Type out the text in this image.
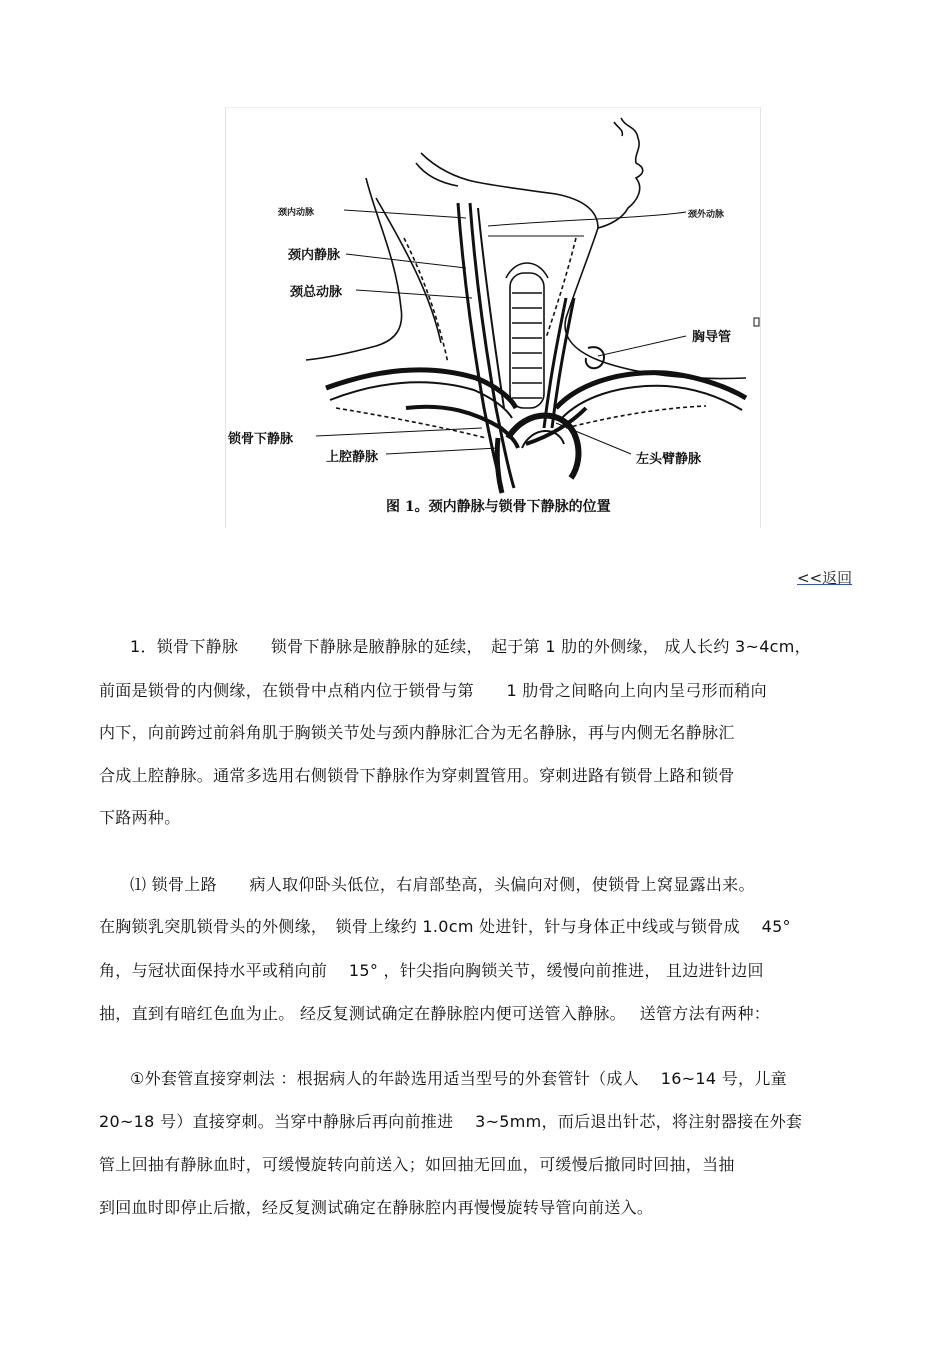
颈内动脉	颈外动脉
颈内静脉
颈总动脉
胸导管
锁骨下静脉
上腔静脉	左头臂静脉
图 1。颈内静脉与锁骨下静脉的位置
<<返回
1．锁骨下静脉　　锁骨下静脉是腋静脉的延续，　起于第 1 肋的外侧缘， 成人长约 3~4cm，
前面是锁骨的内侧缘，在锁骨中点稍内位于锁骨与第　　1 肋骨之间略向上向内呈弓形而稍向
内下，向前跨过前斜角肌于胸锁关节处与颈内静脉汇合为无名静脉，再与内侧无名静脉汇
合成上腔静脉。通常多选用右侧锁骨下静脉作为穿刺置管用。穿刺进路有锁骨上路和锁骨
下路两种。
⑴ 锁骨上路　　病人取仰卧头低位，右肩部垫高，头偏向对侧，使锁骨上窝显露出来。
在胸锁乳突肌锁骨头的外侧缘，　锁骨上缘约 1.0cm 处进针，针与身体正中线或与锁骨成　 45°
角，与冠状面保持水平或稍向前　 15° ，针尖指向胸锁关节，缓慢向前推进， 且边进针边回
抽，直到有暗红色血为止。 经反复测试确定在静脉腔内便可送管入静脉。　 送管方法有两种：
①外套管直接穿刺法 ：根据病人的年龄选用适当型号的外套管针（成人　 16~14 号，儿童
20~18 号）直接穿刺。当穿中静脉后再向前推进　 3~5mm，而后退出针芯，将注射器接在外套
管上回抽有静脉血时，可缓慢旋转向前送入；如回抽无回血，可缓慢后撤同时回抽，当抽
到回血时即停止后撤，经反复测试确定在静脉腔内再慢慢旋转导管向前送入。
